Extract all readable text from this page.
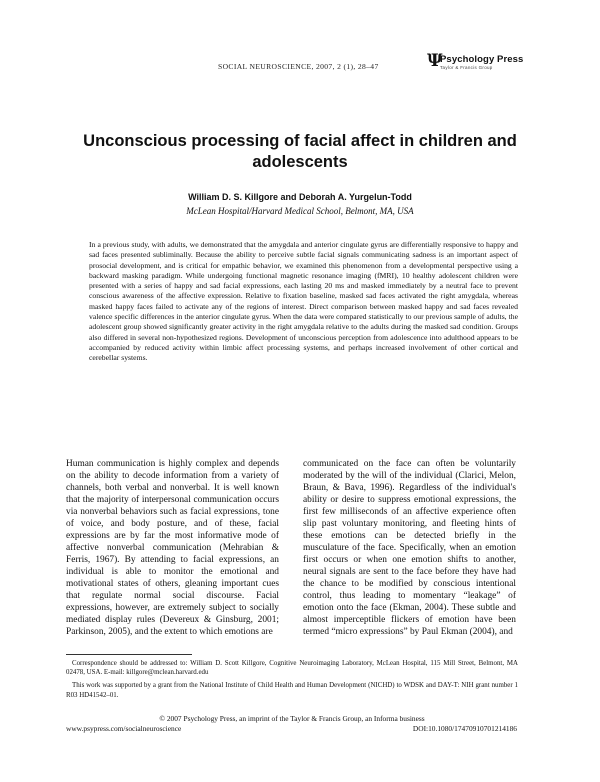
SOCIAL NEUROSCIENCE, 2007, 2 (1), 28–47	Ψ
Psychology Press
Taylor & Francis Group
Unconscious processing of facial affect in children and adolescents
William D. S. Killgore and Deborah A. Yurgelun-Todd
McLean Hospital/Harvard Medical School, Belmont, MA, USA

In a previous study, with adults, we demonstrated that the amygdala and anterior cingulate gyrus are differentially responsive to happy and sad faces presented subliminally. Because the ability to perceive subtle facial signals communicating sadness is an important aspect of prosocial development, and is critical for empathic behavior, we examined this phenomenon from a developmental perspective using a backward masking paradigm. While undergoing functional magnetic resonance imaging (fMRI), 10 healthy adolescent children were presented with a series of happy and sad facial expressions, each lasting 20 ms and masked immediately by a neutral face to prevent conscious awareness of the affective expression. Relative to fixation baseline, masked sad faces activated the right amygdala, whereas masked happy faces failed to activate any of the regions of interest. Direct comparison between masked happy and sad faces revealed valence specific differences in the anterior cingulate gyrus. When the data were compared statistically to our previous sample of adults, the adolescent group showed significantly greater activity in the right amygdala relative to the adults during the masked sad condition. Groups also differed in several non-hypothesized regions. Development of unconscious perception from adolescence into adulthood appears to be accompanied by reduced activity within limbic affect processing systems, and perhaps increased involvement of other cortical and cerebellar systems.

Human communication is highly complex and depends on the ability to decode information from a variety of channels, both verbal and nonverbal. It is well known that the majority of interpersonal communication occurs via nonverbal behaviors such as facial expressions, tone of voice, and body posture, and of these, facial expressions are by far the most informative mode of affective nonverbal communication (Mehrabian & Ferris, 1967). By attending to facial expressions, an individual is able to monitor the emotional and motivational states of others, gleaning important cues that regulate normal social discourse. Facial expressions, however, are extremely subject to socially mediated display rules (Devereux & Ginsburg, 2001; Parkinson, 2005), and the extent to which emotions are

communicated on the face can often be voluntarily moderated by the will of the individual (Clarici, Melon, Braun, & Bava, 1996). Regardless of the individual's ability or desire to suppress emotional expressions, the first few milliseconds of an affective experience often slip past voluntary monitoring, and fleeting hints of these emotions can be detected briefly in the musculature of the face. Specifically, when an emotion first occurs or when one emotion shifts to another, neural signals are sent to the face before they have had the chance to be modified by conscious intentional control, thus leading to momentary “leakage” of emotion onto the face (Ekman, 2004). These subtle and almost imperceptible flickers of emotion have been termed “micro expressions” by Paul Ekman (2004), and

Correspondence should be addressed to: William D. Scott Killgore, Cognitive Neuroimaging Laboratory, McLean Hospital, 115 Mill Street, Belmont, MA 02478, USA. E-mail: killgore@mclean.harvard.edu

This work was supported by a grant from the National Institute of Child Health and Human Development (NICHD) to WDSK and DAY-T: NIH grant number 1 R03 HD41542–01.

© 2007 Psychology Press, an imprint of the Taylor & Francis Group, an Informa business
www.psypress.com/socialneuroscience	DOI:10.1080/17470910701214186
